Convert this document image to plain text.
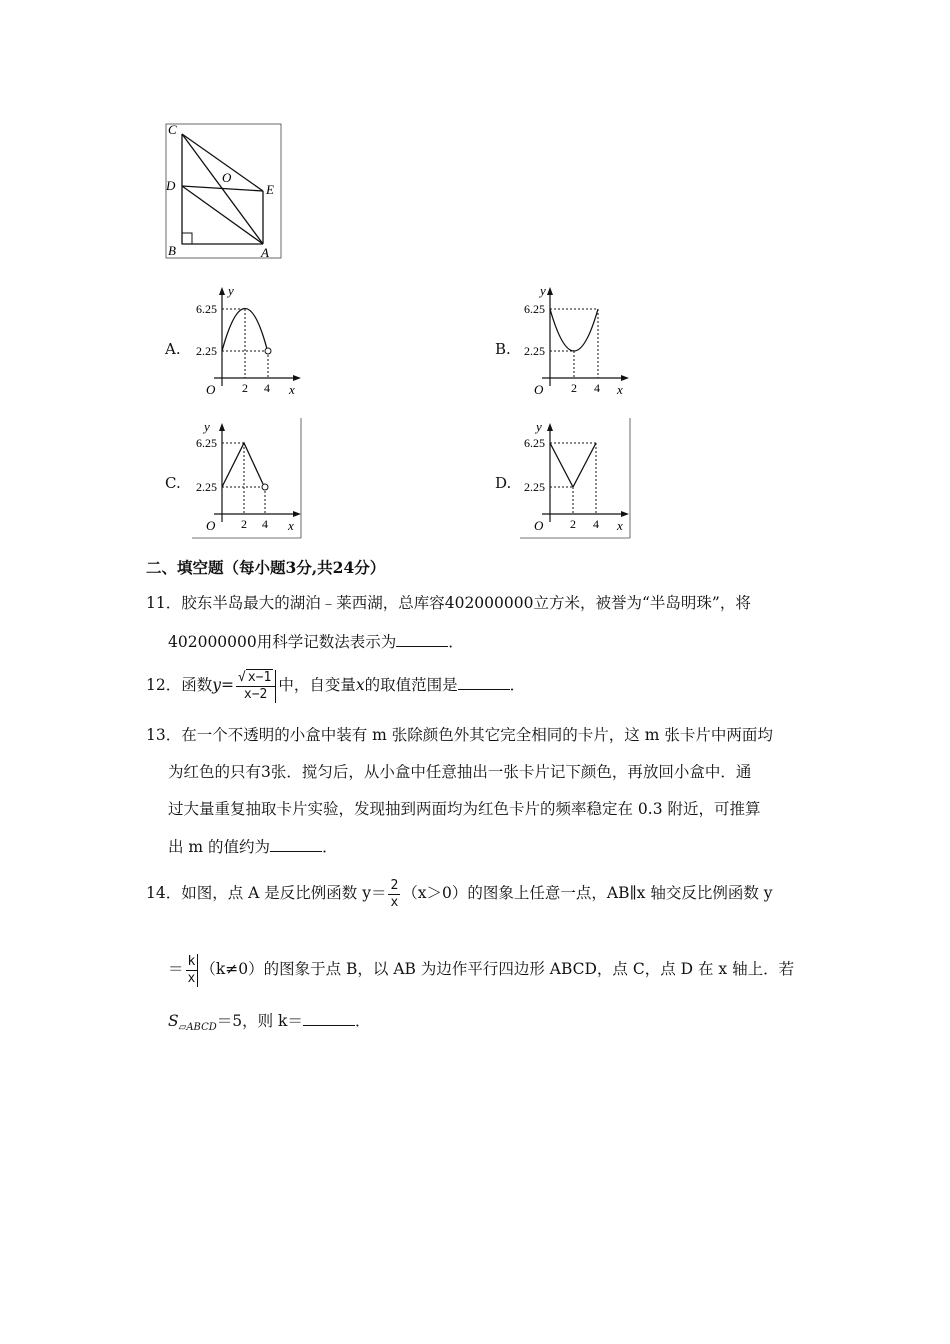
C
D
O
E
B	A
A.	B.
C.	D.
6.25
2.25
2 4
O
y
x
6.25
2.25
2 4
O
y
x
6.25
2.25
2 4
O
y
x
6.25
2.25
2 4
O
y
x
二、填空题（每小题3分,共24分）
11．胶东半岛最大的湖泊﹣莱西湖，总库容402000000立方米，被誉为“半岛明珠”，将
402000000用科学记数法表示为	．
12．函数$y= \frac{√ x-1}{x-2}$ 中，自变量x的取值范围是	．
13．在一个不透明的小盒中装有 m 张除颜色外其它完全相同的卡片，这 m 张卡片中两面均
为红色的只有3张．搅匀后，从小盒中任意抽出一张卡片记下颜色，再放回小盒中．通
过大量重复抽取卡片实验，发现抽到两面均为红色卡片的频率稳定在 0.3 附近，可推算
出 m 的值约为	．
14．如图，点 A 是反比例函数 $y= \frac{2}{x} (x>0)$的图象上任意一点，AB∥x 轴交反比例函数 y
＝ $\frac{k}{x} (k\ne 0)$的图象于点 B，以 AB 为边作平行四边形 ABCD，点 C，点 D 在 x 轴上．若
$S_{▱ABCD}=5$，则 k＝	．
